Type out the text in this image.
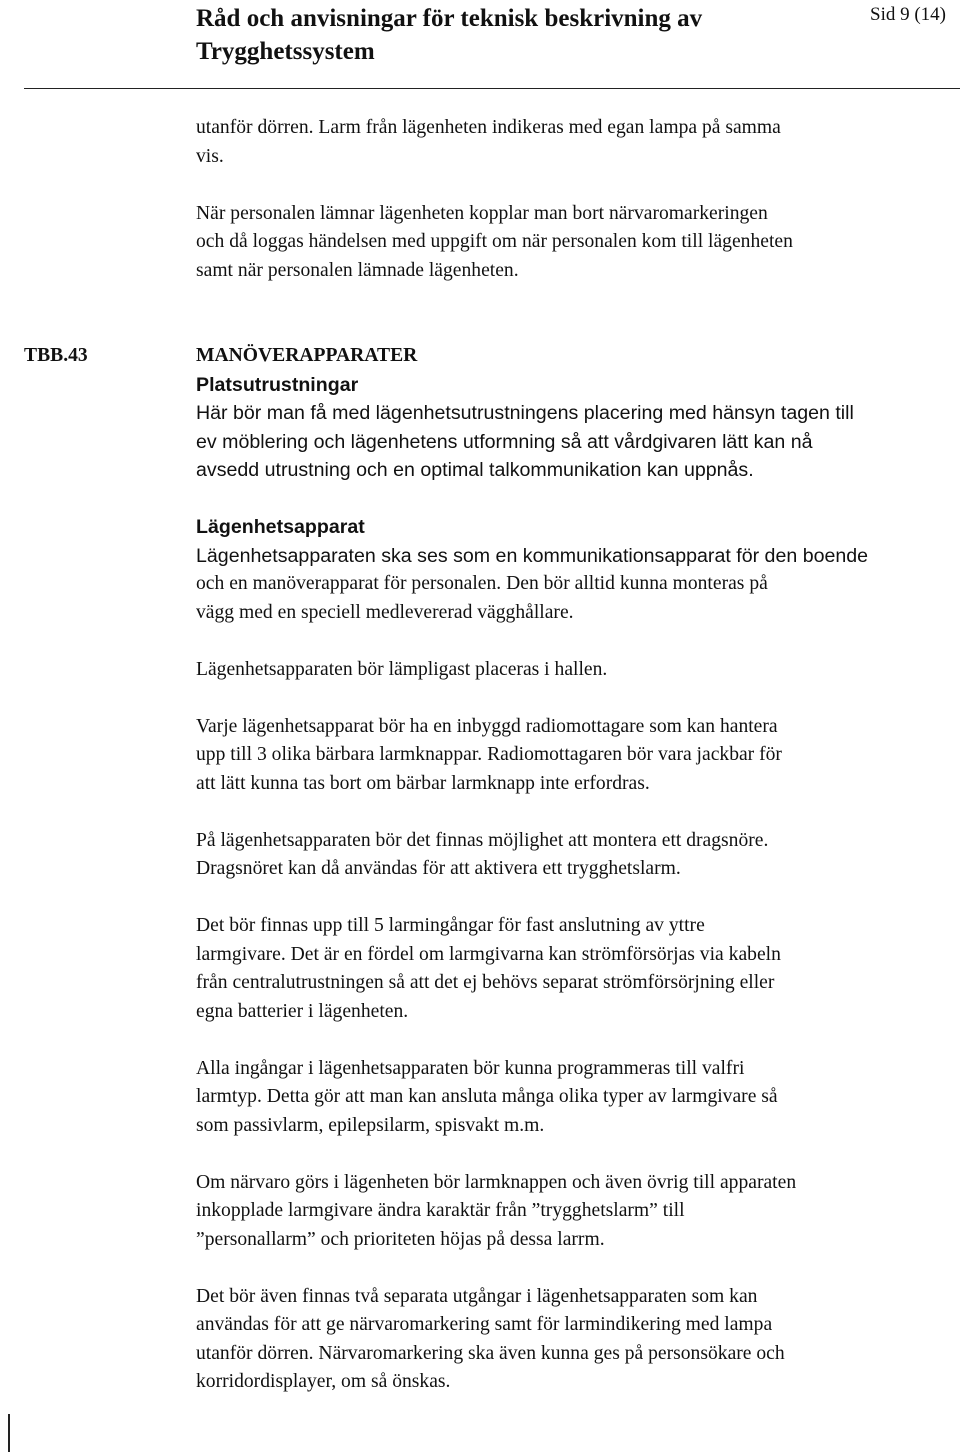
Råd och anvisningar för teknisk beskrivning av
Trygghetssystem
Sid 9 (14)
TBB.43

utanför dörren. Larm från lägenheten indikeras med egan lampa på samma

vis.

När personalen lämnar lägenheten kopplar man bort närvaromarkeringen

och då loggas händelsen med uppgift om när personalen kom till lägenheten

samt när personalen lämnade lägenheten.

MANÖVERAPPARATER

Platsutrustningar

Här bör man få med lägenhetsutrustningens placering med hänsyn tagen till

ev möblering och lägenhetens utformning så att vårdgivaren lätt kan nå

avsedd utrustning och en optimal talkommunikation kan uppnås.

Lägenhetsapparat

Lägenhetsapparaten ska ses som en kommunikationsapparat för den boende

och en manöverapparat för personalen. Den bör alltid kunna monteras på

vägg med en speciell medlevererad vägghållare.

Lägenhetsapparaten bör lämpligast placeras i hallen.

Varje lägenhetsapparat bör ha en inbyggd radiomottagare som kan hantera

upp till 3 olika bärbara larmknappar. Radiomottagaren bör vara jackbar för

att lätt kunna tas bort om bärbar larmknapp inte erfordras.

På lägenhetsapparaten bör det finnas möjlighet att montera ett dragsnöre.

Dragsnöret kan då användas för att aktivera ett trygghetslarm.

Det bör finnas upp till 5 larmingångar för fast anslutning av yttre

larmgivare. Det är en fördel om larmgivarna kan strömförsörjas via kabeln

från centralutrustningen så att det ej behövs separat strömförsörjning eller

egna batterier i lägenheten.

Alla ingångar i lägenhetsapparaten bör kunna programmeras till valfri

larmtyp. Detta gör att man kan ansluta många olika typer av larmgivare så

som passivlarm, epilepsilarm, spisvakt m.m.

Om närvaro görs i lägenheten bör larmknappen och även övrig till apparaten

inkopplade larmgivare ändra karaktär från ”trygghetslarm” till

”personallarm” och prioriteten höjas på dessa larrm.

Det bör även finnas två separata utgångar i lägenhetsapparaten som kan

användas för att ge närvaromarkering samt för larmindikering med lampa

utanför dörren. Närvaromarkering ska även kunna ges på personsökare och

korridordisplayer, om så önskas.
